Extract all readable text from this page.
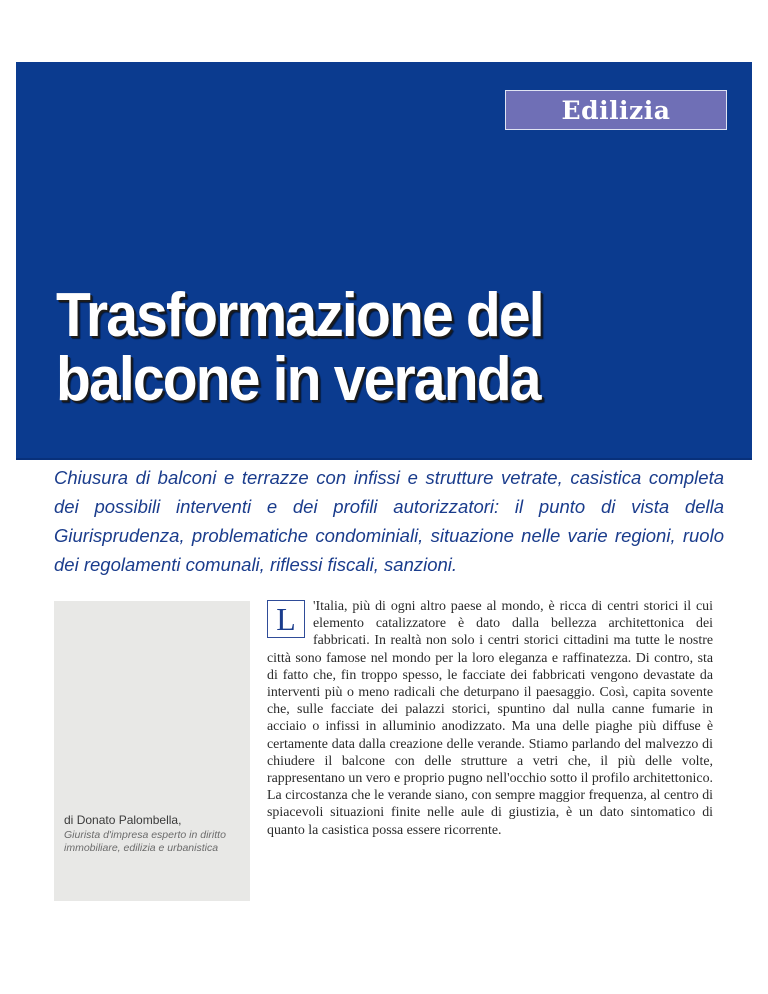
Edilizia
Trasformazione del
balcone in veranda

Chiusura di balconi e terrazze con infissi e strutture vetrate, casistica completa dei possibili interventi e dei profili autorizzatori: il punto di vista della Giurisprudenza, problematiche condominiali, situazione nelle varie regioni, ruolo dei regolamenti comunali, riflessi fiscali, sanzioni.

di Donato Palombella,
Giurista d'impresa esperto in diritto immobiliare, edilizia e urbanistica
L	'Italia, più di ogni altro paese al mondo, è ricca di centri storici il cui elemento catalizzatore è dato dalla bellezza architettonica dei fabbricati. In realtà non solo i centri storici cittadini ma tutte le nostre città sono famose nel mondo per la loro eleganza e raffinatezza. Di contro, sta di fatto che, fin troppo spesso, le facciate dei fabbricati vengono devastate da interventi più o meno radicali che deturpano il paesaggio. Così, capita sovente che, sulle facciate dei palazzi storici, spuntino dal nulla canne fumarie in acciaio o infissi in alluminio anodizzato. Ma una delle piaghe più diffuse è certamente data dalla creazione delle verande. Stiamo parlando del malvezzo di chiudere il balcone con delle strutture a vetri che, il più delle volte, rappresentano un vero e proprio pugno nell'occhio sotto il profilo architettonico. La circostanza che le verande siano, con sempre maggior frequenza, al centro di spiacevoli situazioni finite nelle aule di giustizia, è un dato sintomatico di quanto la casistica possa essere ricorrente.
